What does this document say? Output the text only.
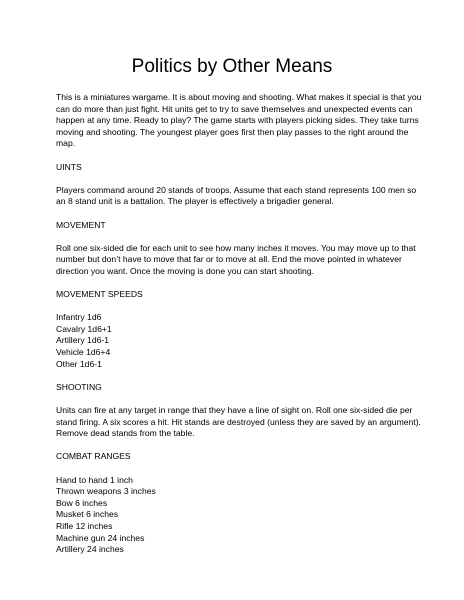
Politics by Other Means

This is a miniatures wargame. It is about moving and shooting. What makes it special is that you can do more than just fight. Hit units get to try to save themselves and unexpected events can happen at any time. Ready to play? The game starts with players picking sides. They take turns moving and shooting. The youngest player goes first then play passes to the right around the map.

UINTS

Players command around 20 stands of troops. Assume that each stand represents 100 men so an 8 stand unit is a battalion. The player is effectively a brigadier general.

MOVEMENT

Roll one six-sided die for each unit to see how many inches it moves. You may move up to that number but don’t have to move that far or to move at all. End the move pointed in whatever direction you want. Once the moving is done you can start shooting.

MOVEMENT SPEEDS

Infantry 1d6
Cavalry 1d6+1
Artillery 1d6-1
Vehicle 1d6+4
Other 1d6-1

SHOOTING

Units can fire at any target in range that they have a line of sight on. Roll one six-sided die per stand firing. A six scores a hit. Hit stands are destroyed (unless they are saved by an argument). Remove dead stands from the table.

COMBAT RANGES

Hand to hand 1 inch
Thrown weapons 3 inches
Bow 6 inches
Musket 6 inches
Rifle 12 inches
Machine gun 24 inches
Artillery 24 inches
